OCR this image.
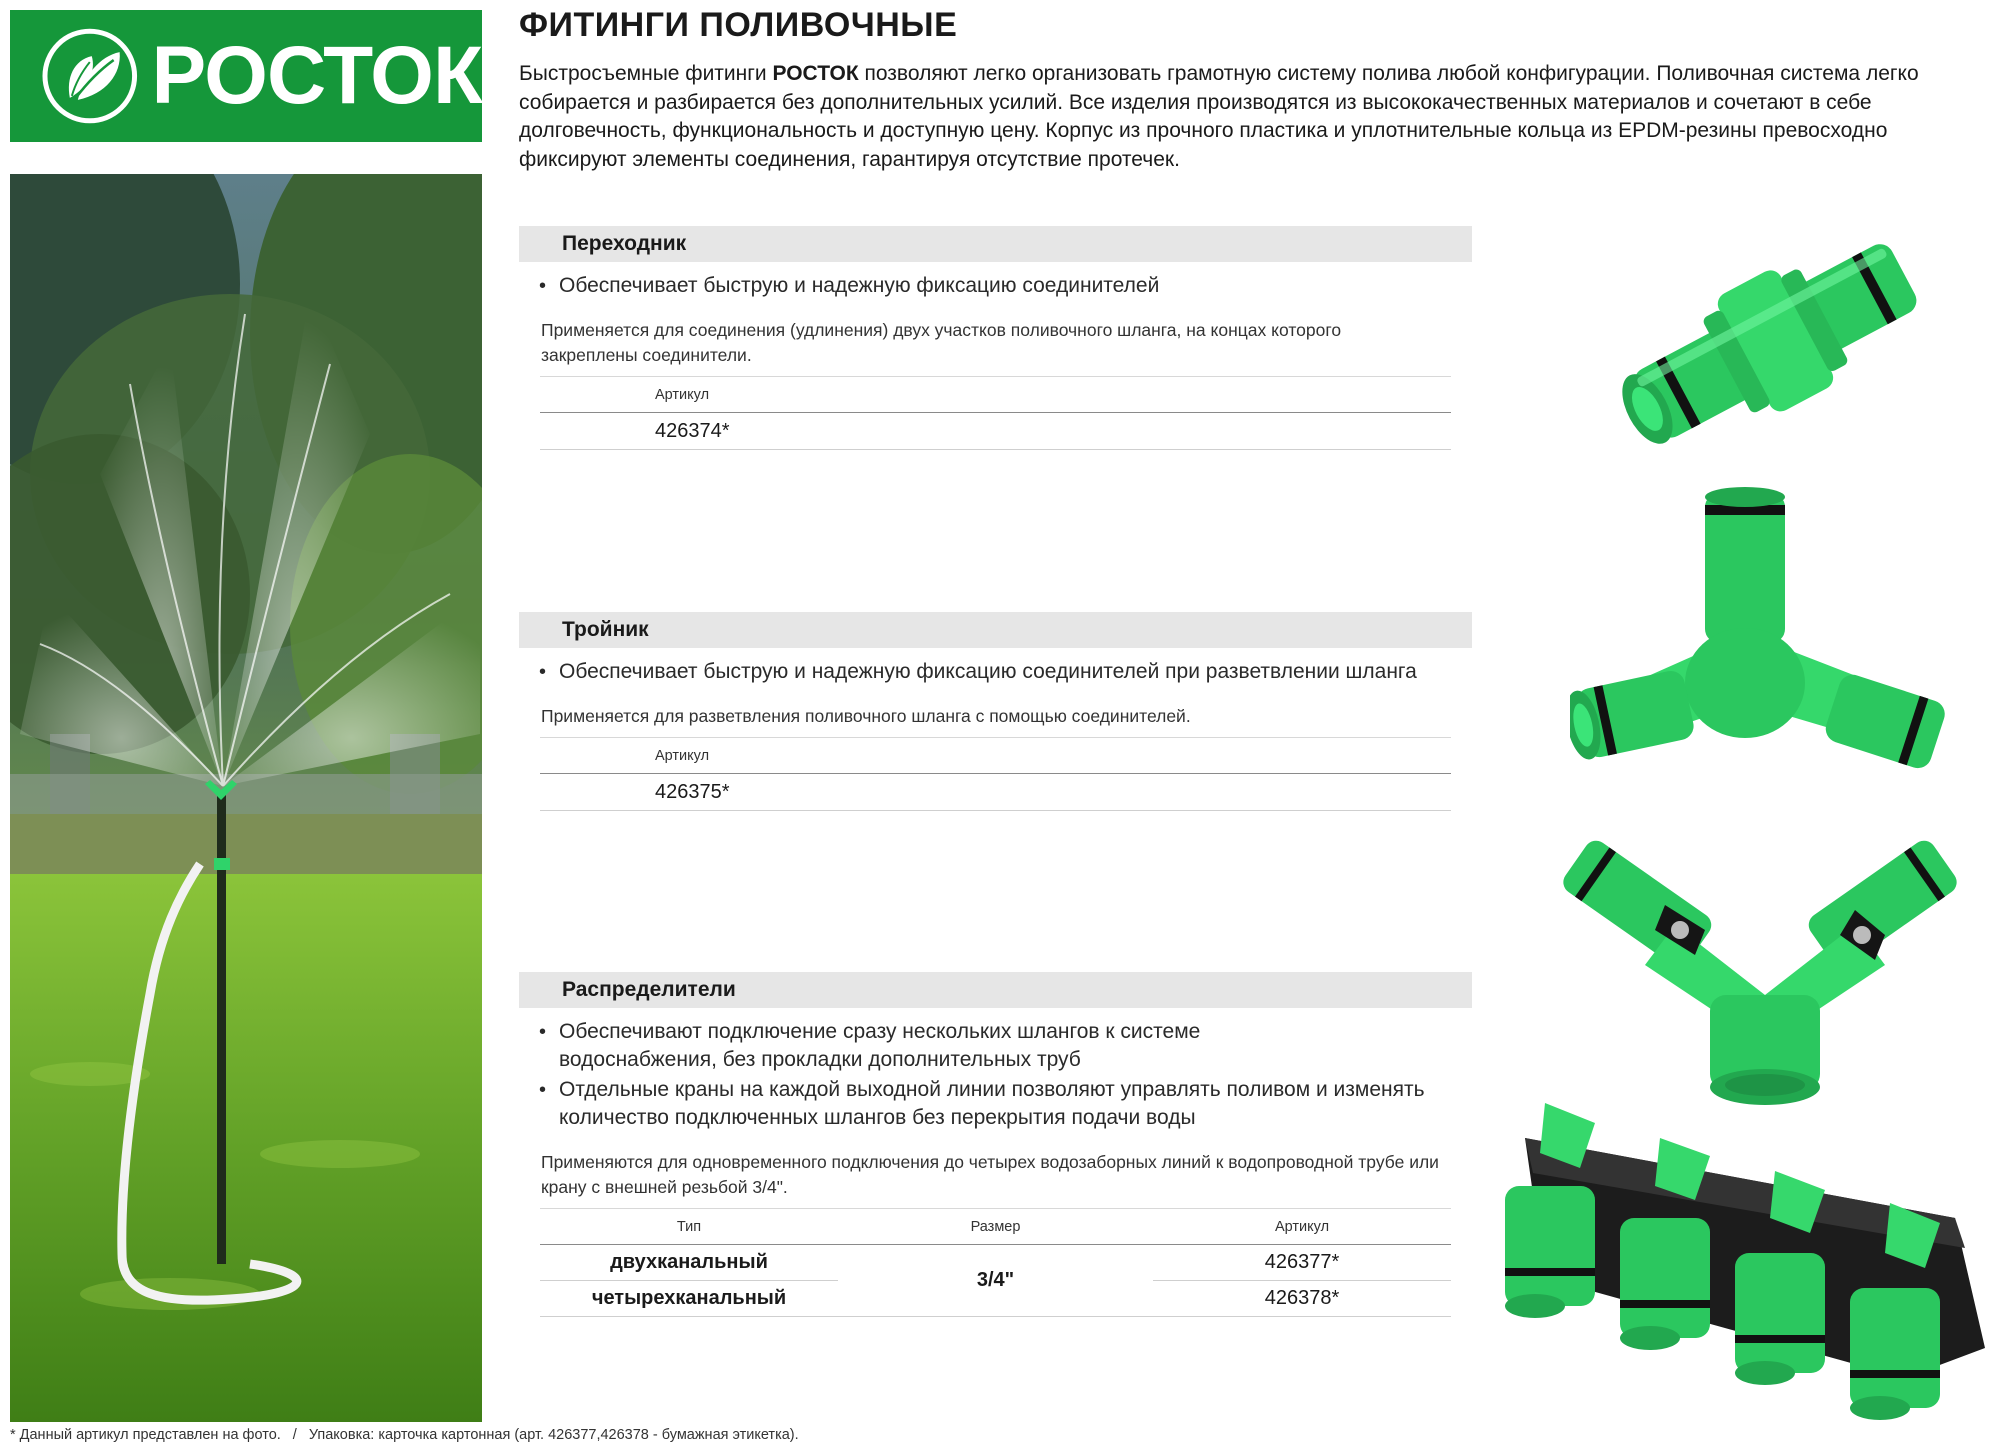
РОСТОК
ФИТИНГИ ПОЛИВОЧНЫЕ

Быстросъемные фитинги РОСТОК позволяют легко организовать грамотную систему полива любой конфигурации. Поливочная система легко собирается и разбирается без дополнительных усилий. Все изделия производятся из высококачественных материалов и сочетают в себе долговечность, функциональность и доступную цену. Корпус из прочного пластика и уплотнительные кольца из EPDM-резины превосходно фиксируют элементы соединения, гарантируя отсутствие протечек.

Переходник
• Обеспечивает быструю и надежную фиксацию соединителей
Применяется для соединения (удлинения) двух участков поливочного шланга, на концах которого закреплены соединители.
Артикул
426374*
Тройник
• Обеспечивает быструю и надежную фиксацию соединителей при разветвлении шланга
Применяется для разветвления поливочного шланга с помощью соединителей.
Артикул
426375*
Распределители
• Обеспечивают подключение сразу нескольких шлангов к системе водоснабжения, без прокладки дополнительных труб
• Отдельные краны на каждой выходной линии позволяют управлять поливом и изменять количество подключенных шлангов без перекрытия подачи воды
Применяются для одновременного подключения до четырех водозаборных линий к водопроводной трубе или крану с внешней резьбой 3/4".
Тип	Размер	Артикул
двухканальный	3/4"	426377*
четырехканальный		426378*
* Данный артикул представлен на фото. / Упаковка: карточка картонная (арт. 426377,426378 - бумажная этикетка).
